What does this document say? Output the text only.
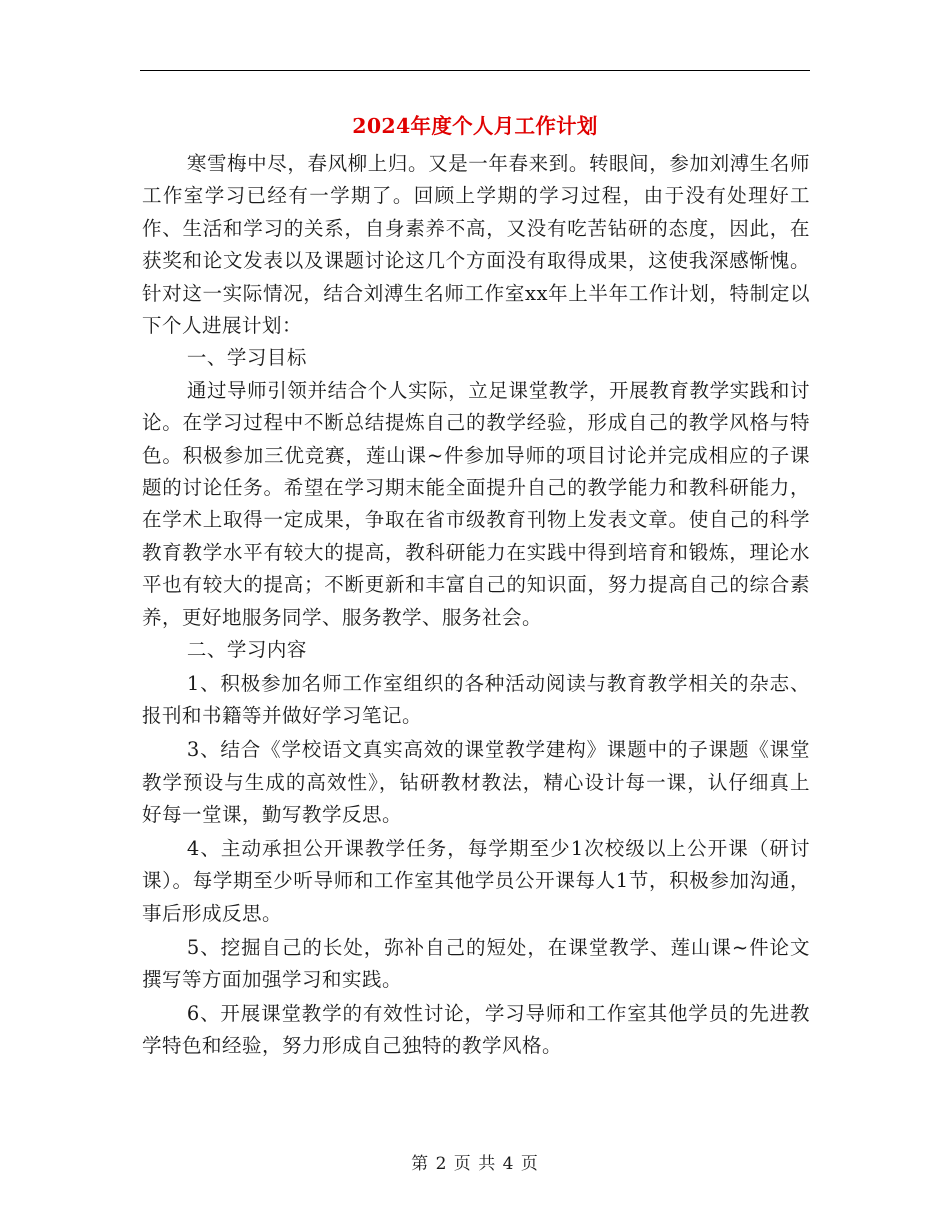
2024年度个人月工作计划

寒雪梅中尽，春风柳上归。又是一年春来到。转眼间，参加刘溥生名师工作室学习已经有一学期了。回顾上学期的学习过程，由于没有处理好工作、生活和学习的关系，自身素养不高，又没有吃苦钻研的态度，因此，在获奖和论文发表以及课题讨论这几个方面没有取得成果，这使我深感惭愧。针对这一实际情况，结合刘溥生名师工作室xx年上半年工作计划，特制定以下个人进展计划：

一、学习目标

通过导师引领并结合个人实际，立足课堂教学，开展教育教学实践和讨论。在学习过程中不断总结提炼自己的教学经验，形成自己的教学风格与特色。积极参加三优竞赛，莲山课~件参加导师的项目讨论并完成相应的子课题的讨论任务。希望在学习期末能全面提升自己的教学能力和教科研能力，在学术上取得一定成果，争取在省市级教育刊物上发表文章。使自己的科学教育教学水平有较大的提高，教科研能力在实践中得到培育和锻炼，理论水平也有较大的提高；不断更新和丰富自己的知识面，努力提高自己的综合素养，更好地服务同学、服务教学、服务社会。

二、学习内容

1、积极参加名师工作室组织的各种活动阅读与教育教学相关的杂志、报刊和书籍等并做好学习笔记。

3、结合《学校语文真实高效的课堂教学建构》课题中的子课题《课堂教学预设与生成的高效性》，钻研教材教法，精心设计每一课，认仔细真上好每一堂课，勤写教学反思。

4、主动承担公开课教学任务，每学期至少1次校级以上公开课（研讨课）。每学期至少听导师和工作室其他学员公开课每人1节，积极参加沟通，事后形成反思。

5、挖掘自己的长处，弥补自己的短处，在课堂教学、莲山课~件论文撰写等方面加强学习和实践。

6、开展课堂教学的有效性讨论，学习导师和工作室其他学员的先进教学特色和经验，努力形成自己独特的教学风格。

第 2 页 共 4 页
